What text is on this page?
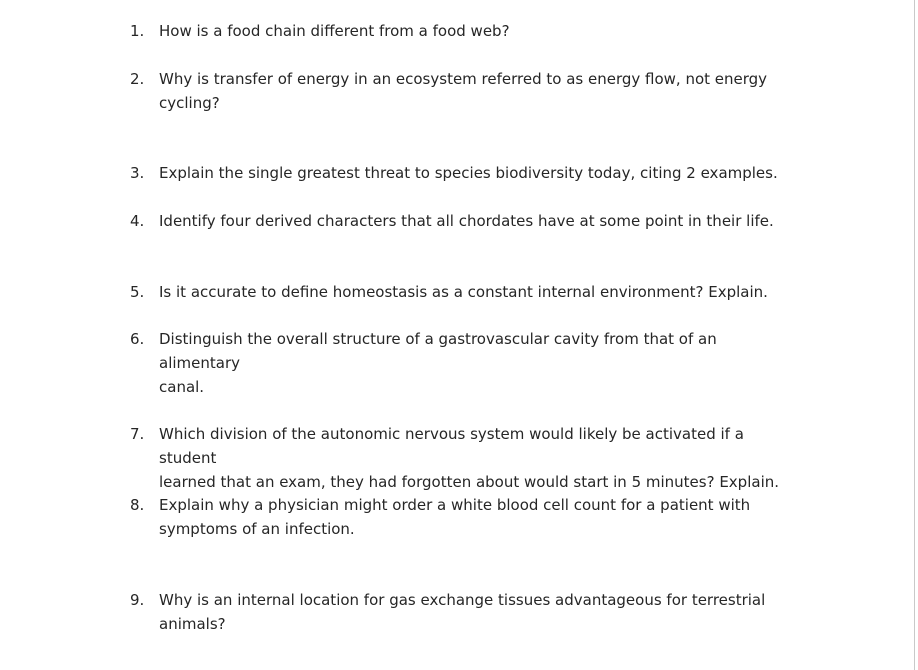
1. How is a food chain different from a food web?
2. Why is transfer of energy in an ecosystem referred to as energy flow, not energy
cycling?
3. Explain the single greatest threat to species biodiversity today, citing 2 examples.
4. Identify four derived characters that all chordates have at some point in their life.
5. Is it accurate to define homeostasis as a constant internal environment? Explain.
6. Distinguish the overall structure of a gastrovascular cavity from that of an alimentary
canal.
7. Which division of the autonomic nervous system would likely be activated if a student
learned that an exam, they had forgotten about would start in 5 minutes? Explain.
8. Explain why a physician might order a white blood cell count for a patient with
symptoms of an infection.
9. Why is an internal location for gas exchange tissues advantageous for terrestrial
animals?
